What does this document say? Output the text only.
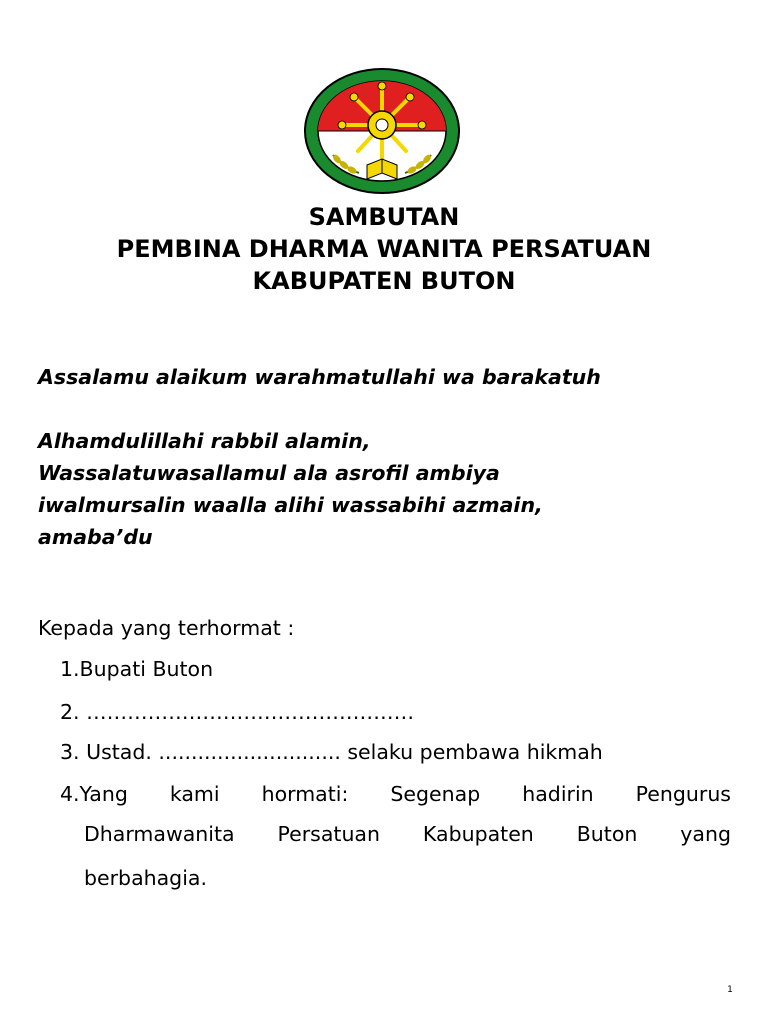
SAMBUTAN
PEMBINA DHARMA WANITA PERSATUAN
KABUPATEN BUTON
Assalamu alaikum warahmatullahi wa barakatuh
Alhamdulillahi rabbil alamin,
Wassalatuwasallamul ala asrofil ambiya
iwalmursalin waalla alihi wassabihi azmain,
amaba’du
Kepada yang terhormat :
1.Bupati Buton
2. …………………………………………
3. Ustad. ............................ selaku pembawa hikmah
4.Yang kami hormati: Segenap hadirin Pengurus
Dharmawanita Persatuan Kabupaten Buton yang
berbahagia.
1
